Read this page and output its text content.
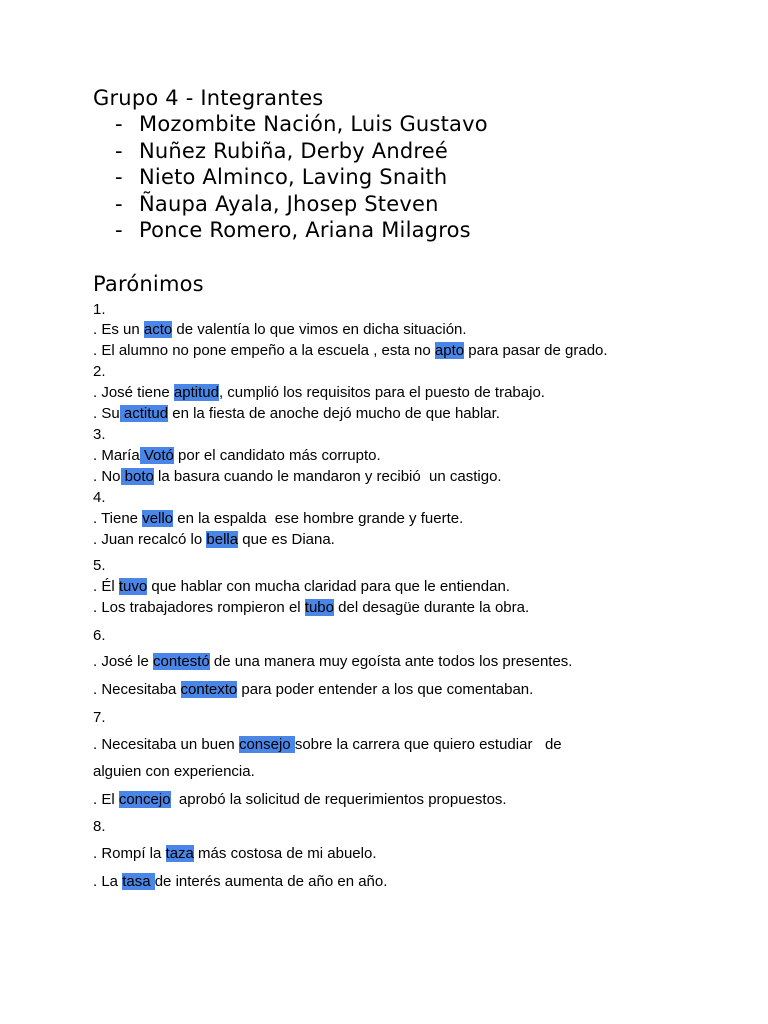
Grupo 4 - Integrantes
- Mozombite Nación, Luis Gustavo
- Nuñez Rubiña, Derby Andreé
- Nieto Alminco, Laving Snaith
- Ñaupa Ayala, Jhosep Steven
- Ponce Romero, Ariana Milagros
Parónimos
1.
. Es un acto de valentía lo que vimos en dicha situación.
. El alumno no pone empeño a la escuela , esta no apto para pasar de grado.
2.
. José tiene aptitud, cumplió los requisitos para el puesto de trabajo.
. Su actitud en la fiesta de anoche dejó mucho de que hablar.
3.
. María Votó por el candidato más corrupto.
. No boto la basura cuando le mandaron y recibió  un castigo.
4.
. Tiene vello en la espalda  ese hombre grande y fuerte.
. Juan recalcó lo bella que es Diana.
5.
. Él tuvo que hablar con mucha claridad para que le entiendan.
. Los trabajadores rompieron el tubo del desagüe durante la obra.
6.
. José le contestó de una manera muy egoísta ante todos los presentes.
. Necesitaba contexto para poder entender a los que comentaban.
7.
. Necesitaba un buen consejo sobre la carrera que quiero estudiar   de
alguien con experiencia.
. El concejo  aprobó la solicitud de requerimientos propuestos.
8.
. Rompí la taza más costosa de mi abuelo.
. La tasa de interés aumenta de año en año.
